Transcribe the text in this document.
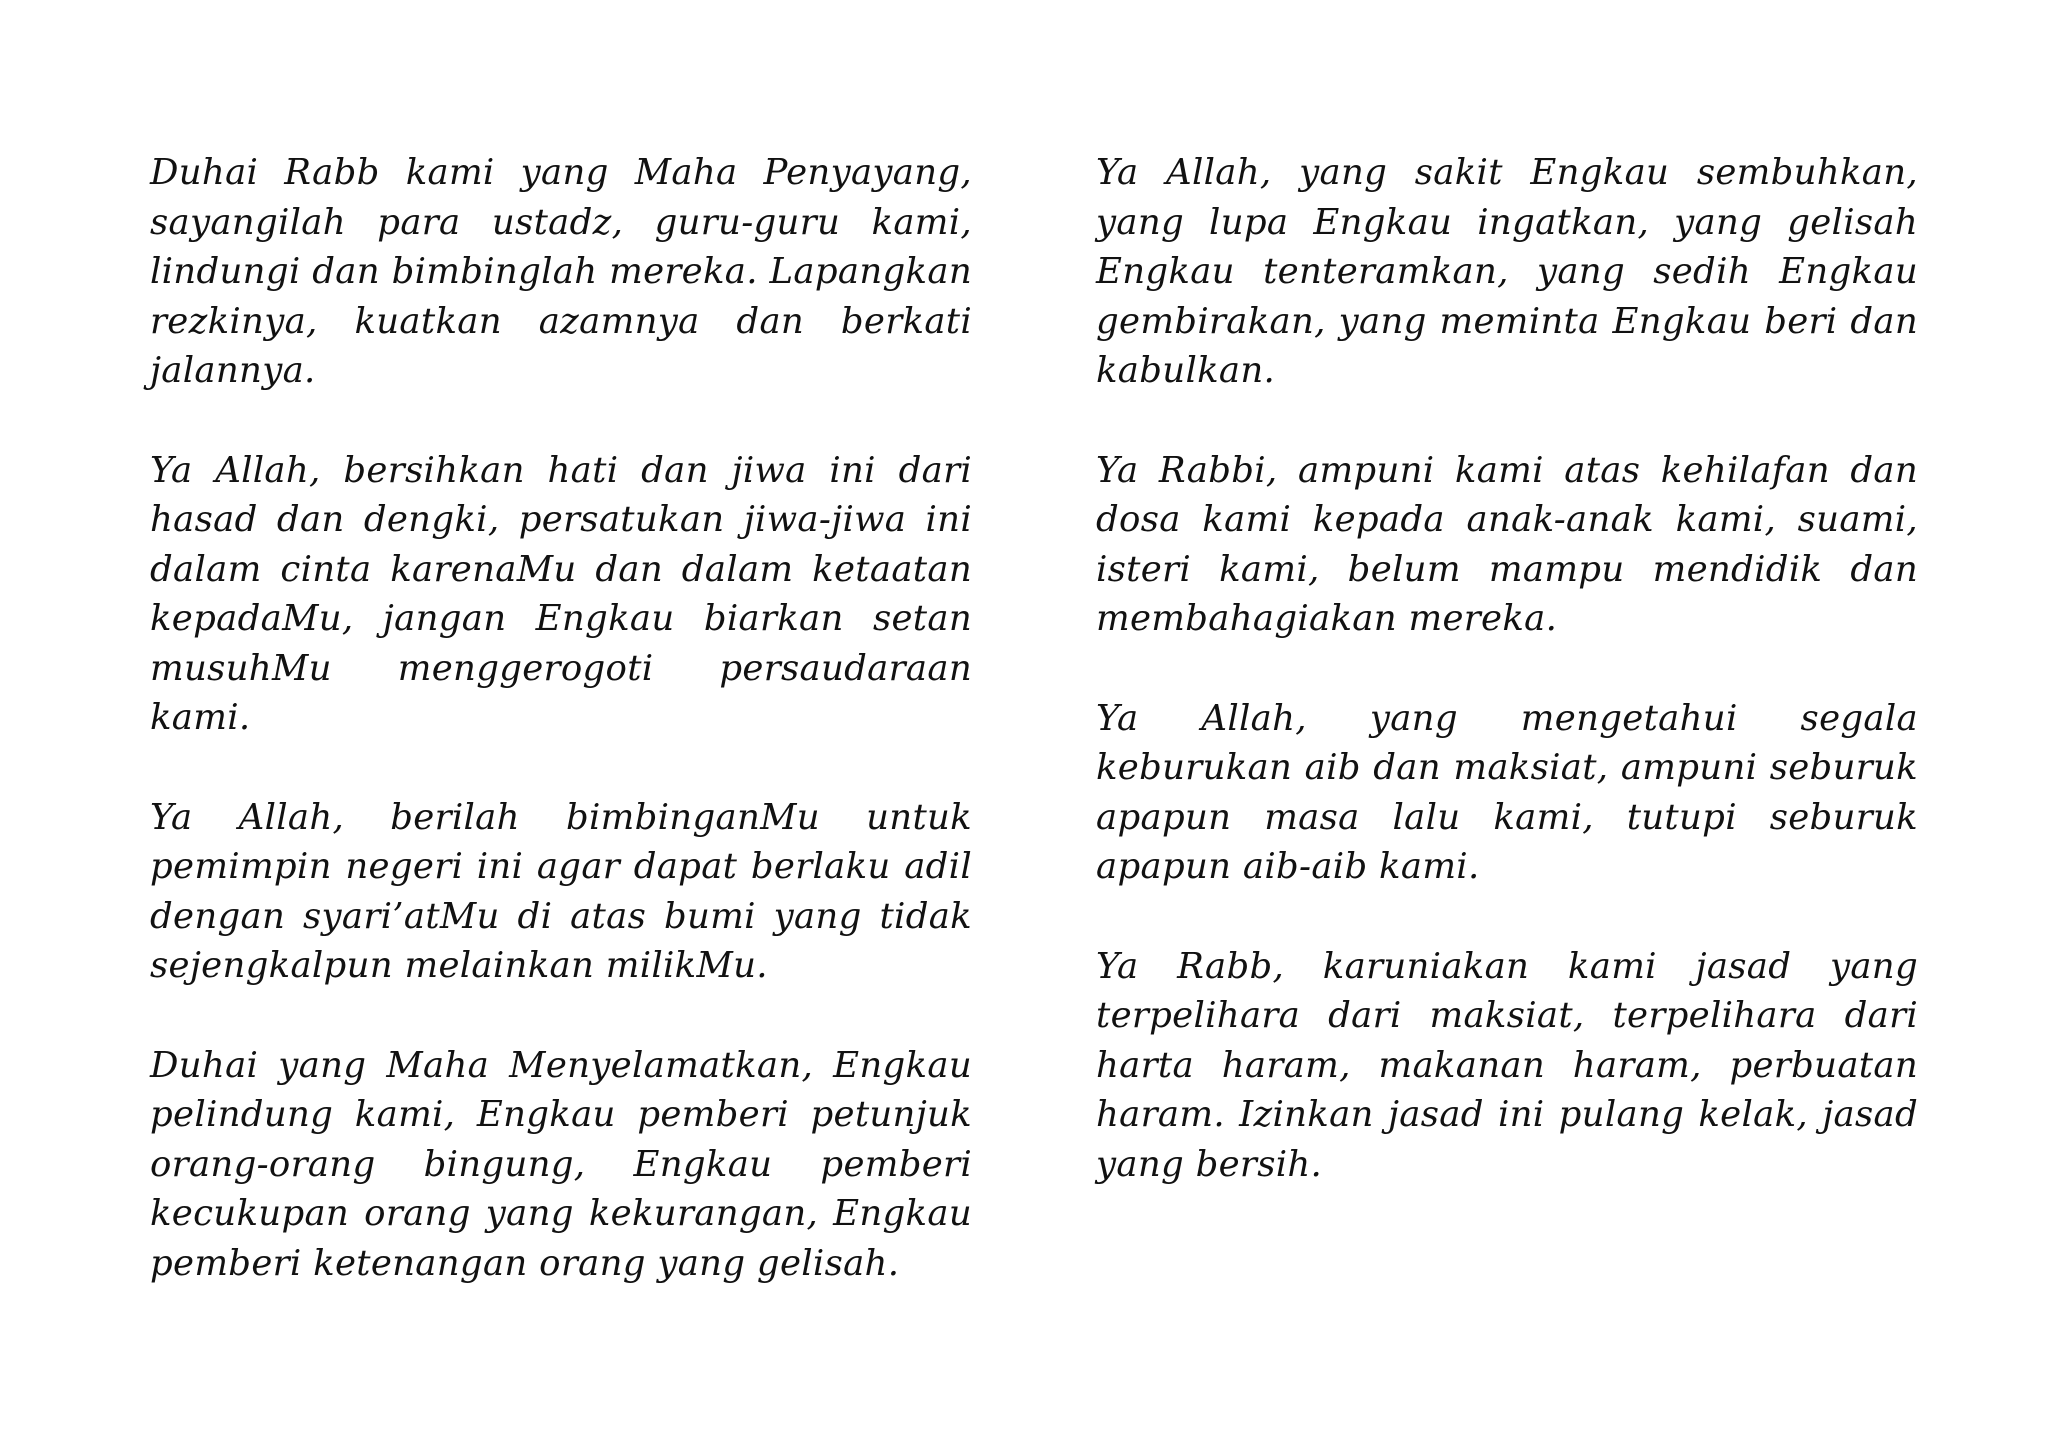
Duhai Rabb kami yang Maha Penyayang, sayangilah para ustadz, guru-guru kami, lindungi dan bimbinglah mereka. Lapangkan rezkinya, kuatkan azamnya dan berkati jalannya.

Ya Allah, bersihkan hati dan jiwa ini dari hasad dan dengki, persatukan jiwa-jiwa ini dalam cinta karenaMu dan dalam ketaatan kepadaMu, jangan Engkau biarkan setan musuhMu menggerogoti persaudaraan kami.

Ya Allah, berilah bimbinganMu untuk pemimpin negeri ini agar dapat berlaku adil dengan syari’atMu di atas bumi yang tidak sejengkalpun melainkan milikMu.

Duhai yang Maha Menyelamatkan, Engkau pelindung kami, Engkau pemberi petunjuk orang-orang bingung, Engkau pemberi kecukupan orang yang kekurangan, Engkau pemberi ketenangan orang yang gelisah.

Ya Allah, yang sakit Engkau sembuhkan, yang lupa Engkau ingatkan, yang gelisah Engkau tenteramkan, yang sedih Engkau gembirakan, yang meminta Engkau beri dan kabulkan.

Ya Rabbi, ampuni kami atas kehilafan dan dosa kami kepada anak-anak kami, suami, isteri kami, belum mampu mendidik dan membahagiakan mereka.

Ya Allah, yang mengetahui segala keburukan aib dan maksiat, ampuni seburuk apapun masa lalu kami, tutupi seburuk apapun aib-aib kami.

Ya Rabb, karuniakan kami jasad yang terpelihara dari maksiat, terpelihara dari harta haram, makanan haram, perbuatan haram. Izinkan jasad ini pulang kelak, jasad yang bersih.
